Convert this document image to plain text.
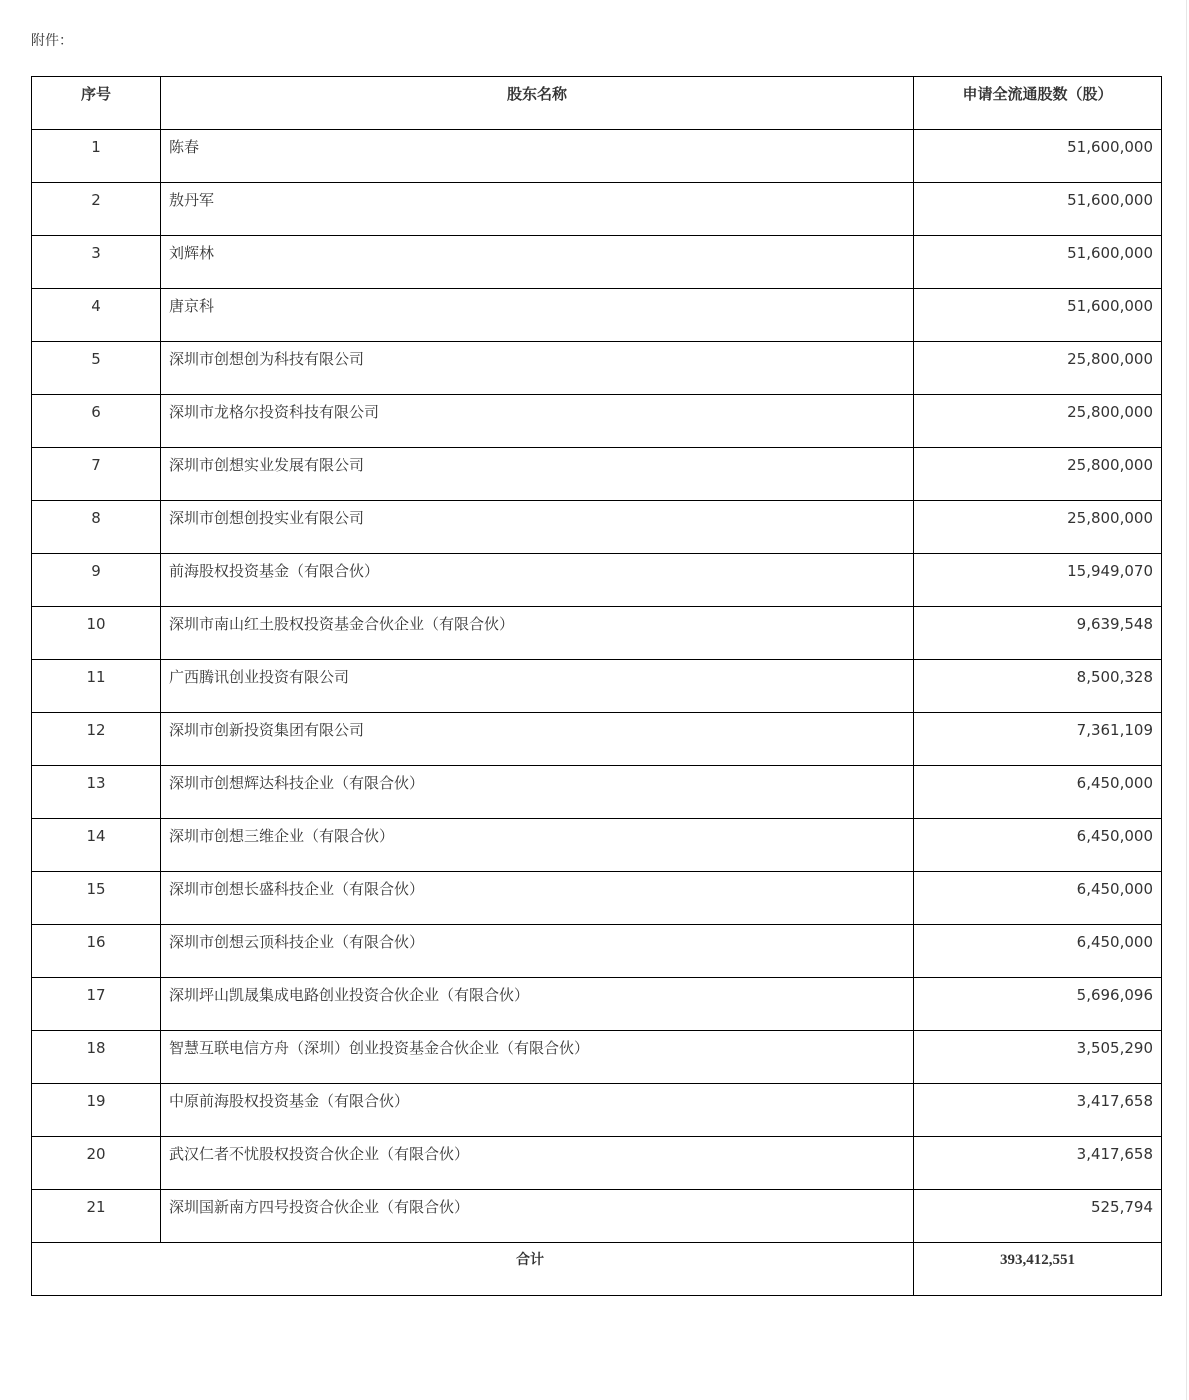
附件：
序号	股东名称	申请全流通股数（股）

1	陈春	51,600,000

2	敖丹军	51,600,000

3	刘辉林	51,600,000

4	唐京科	51,600,000

5	深圳市创想创为科技有限公司	25,800,000

6	深圳市龙格尔投资科技有限公司	25,800,000

7	深圳市创想实业发展有限公司	25,800,000

8	深圳市创想创投实业有限公司	25,800,000

9	前海股权投资基金（有限合伙）	15,949,070

10	深圳市南山红土股权投资基金合伙企业（有限合伙）	9,639,548

11	广西腾讯创业投资有限公司	8,500,328

12	深圳市创新投资集团有限公司	7,361,109

13	深圳市创想辉达科技企业（有限合伙）	6,450,000

14	深圳市创想三维企业（有限合伙）	6,450,000

15	深圳市创想长盛科技企业（有限合伙）	6,450,000

16	深圳市创想云顶科技企业（有限合伙）	6,450,000

17	深圳坪山凯晟集成电路创业投资合伙企业（有限合伙）	5,696,096

18	智慧互联电信方舟（深圳）创业投资基金合伙企业（有限合伙）	3,505,290

19	中原前海股权投资基金（有限合伙）	3,417,658

20	武汉仁者不忧股权投资合伙企业（有限合伙）	3,417,658

21	深圳国新南方四号投资合伙企业（有限合伙）	525,794

合计		393,412,551
